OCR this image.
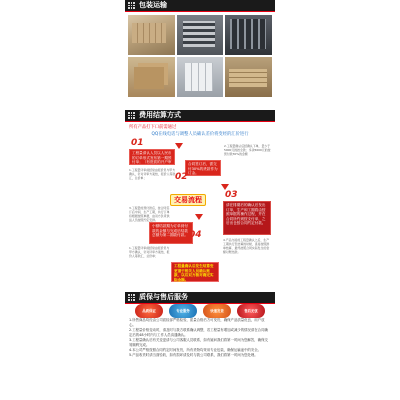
包装运输
费用结算方式
所有产品打下口前需通过
QQ在线电话与调整人员确认差价将变经的汇价进行
01
工程量请认人员以人民币的订单形式发布第一期预付单；（有资质的开户审计)
1.工程量评审前经常由报价员与甲方确认，针对评审方案结，报价人等款汇，总价单；
合同签订后，需交付30%的货款作为订金。
02
2.工程量确认后经确认下单，量少于5000元的按全款；多余5000元的按预付款30%的金额
交易流程	03
请在排期后的确认后发出订单，生产和工期将由按照单据的操作过程，并在合同所约到按支付单，之后出仓按合同约定付款。
3.工程量的预付款后，按合同签订后中间，生产工期，执行订单将根据按照单据，由双方负责供货人员按照约定安排。
小额结款期为订单到付款的金额与完成后结款总额为第二期款付款。 04	4.产品交接的工程量确认之后，生产工期执行至结算的时候，直接按照排单结算，最终按照合同实际发生的金额对账结款。
1.工程量评审前经常由报价员与甲方确认，针对评审方案结，报价人等款汇，总价单；
工程量确认后发生结算变更请于相关人员确认账款，以后双方核对确定实际金额。
质保与售后服务
品质保证	专业服务	快速发货	售后无忧

1.所售商品均经由公司质检部严格检验，质量合格后方可发货，确保产品质量优良，用户放心。

2.工程量价格变动时，请及时与我方联系确认调整，若工程量有增加或减少的情况请在合同确定后的48小时内与工作人员沟通确认。

3.工程量确认后有关变更请与公司客服人员联系，如有疑问我们将第一时间为您解答，确保交易顺利完成。

4.本公司严格按照合同约定时间发货，所有货物均采用专业包装，确保运输途中的安全。

5.产品收货时请当面验收，如有损坏请及时与我公司联系，我们将第一时间为您处理。
